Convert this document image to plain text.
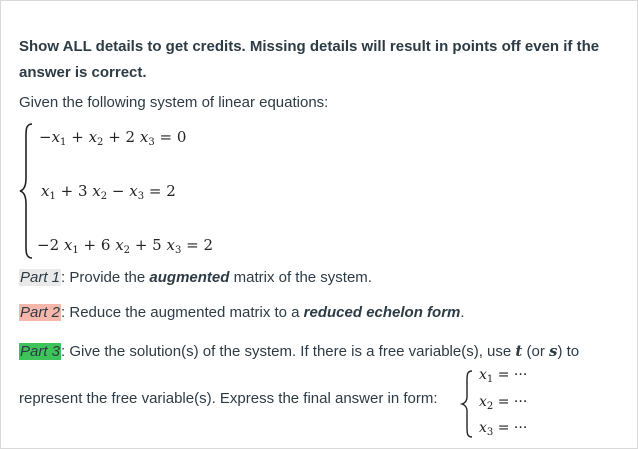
Show ALL details to get credits. Missing details will result in points off even if the answer is correct.
Given the following system of linear equations:
$-x_1 + x_2 + 2$ $x_3 = 0$
$x_1 + 3$ $x_2 - x_3 = 2$
−2 $x_1 + 6$ $x_2 + 5$ $x_3 = 2$
Part 1: Provide the augmented matrix of the system.
Part 2: Reduce the augmented matrix to a reduced echelon form.
Part 3: Give the solution(s) of the system. If there is a free variable(s), use t (or s) to
represent the free variable(s). Express the final answer in form:
$x_1$ = ···
$x_2$ = ···
$x_3$ = ···
